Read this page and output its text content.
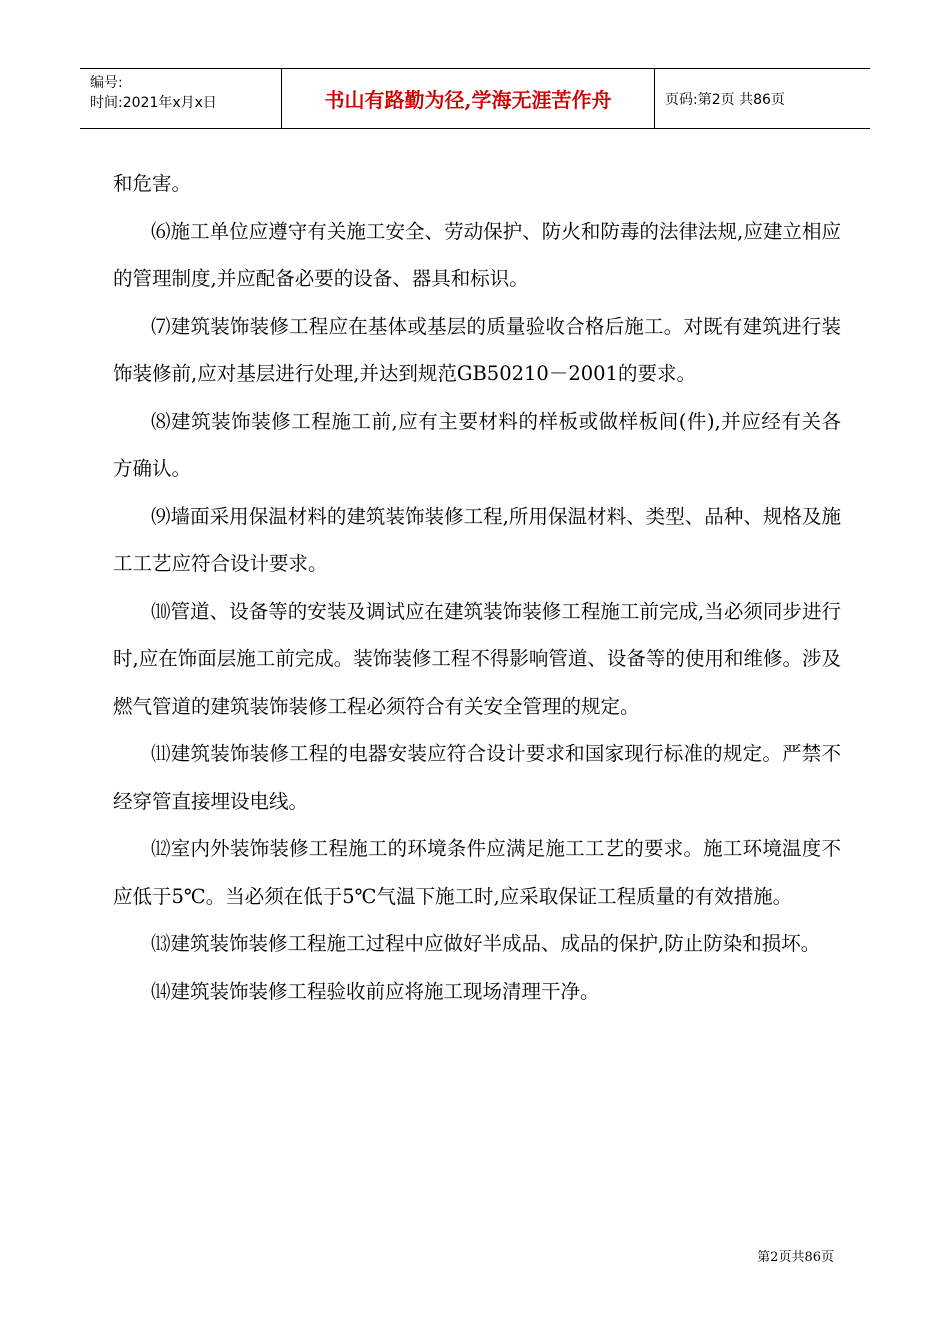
编号:
时间:2021年x月x日	书山有路勤为径,学海无涯苦作舟	页码:第2页 共86页

和危害。

⑹施工单位应遵守有关施工安全、劳动保护、防火和防毒的法律法规,应建立相应的管理制度,并应配备必要的设备、器具和标识。

⑺建筑装饰装修工程应在基体或基层的质量验收合格后施工。对既有建筑进行装饰装修前,应对基层进行处理,并达到规范GB50210－2001的要求。

⑻建筑装饰装修工程施工前,应有主要材料的样板或做样板间(件),并应经有关各方确认。

⑼墙面采用保温材料的建筑装饰装修工程,所用保温材料、类型、品种、规格及施工工艺应符合设计要求。

⑽管道、设备等的安装及调试应在建筑装饰装修工程施工前完成,当必须同步进行时,应在饰面层施工前完成。装饰装修工程不得影响管道、设备等的使用和维修。涉及燃气管道的建筑装饰装修工程必须符合有关安全管理的规定。

⑾建筑装饰装修工程的电器安装应符合设计要求和国家现行标准的规定。严禁不经穿管直接埋设电线。

⑿室内外装饰装修工程施工的环境条件应满足施工工艺的要求。施工环境温度不应低于5℃。当必须在低于5℃气温下施工时,应采取保证工程质量的有效措施。

⒀建筑装饰装修工程施工过程中应做好半成品、成品的保护,防止防染和损坏。

⒁建筑装饰装修工程验收前应将施工现场清理干净。

第2页共86页
